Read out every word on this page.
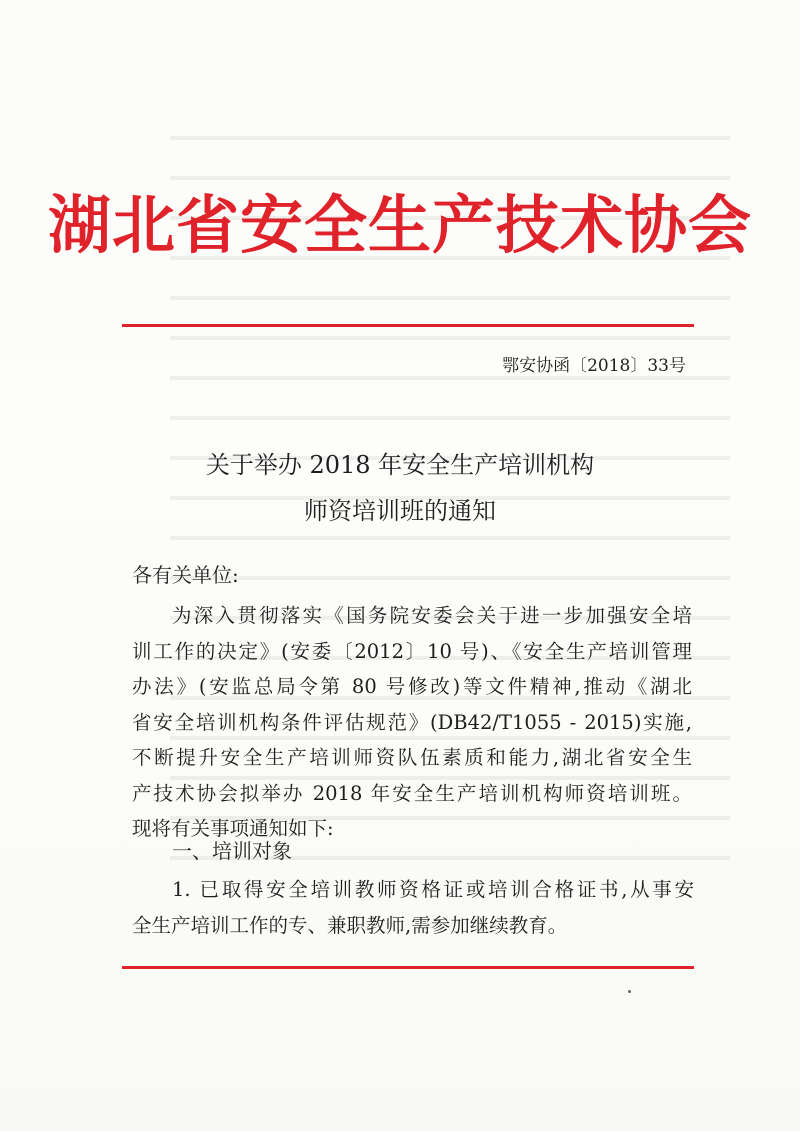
湖北省安全生产技术协会
鄂安协函〔2018〕33号
关于举办 2018 年安全生产培训机构
师资培训班的通知
各有关单位:
为深入贯彻落实《国务院安委会关于进一步加强安全培
训工作的决定》(安委〔2012〕10 号)、《安全生产培训管理
办法》(安监总局令第 80 号修改)等文件精神,推动《湖北
省安全培训机构条件评估规范》(DB42/T1055 - 2015)实施,
不断提升安全生产培训师资队伍素质和能力,湖北省安全生
产技术协会拟举办 2018 年安全生产培训机构师资培训班。
现将有关事项通知如下:
一、培训对象
1. 已取得安全培训教师资格证或培训合格证书,从事安
全生产培训工作的专、兼职教师,需参加继续教育。
